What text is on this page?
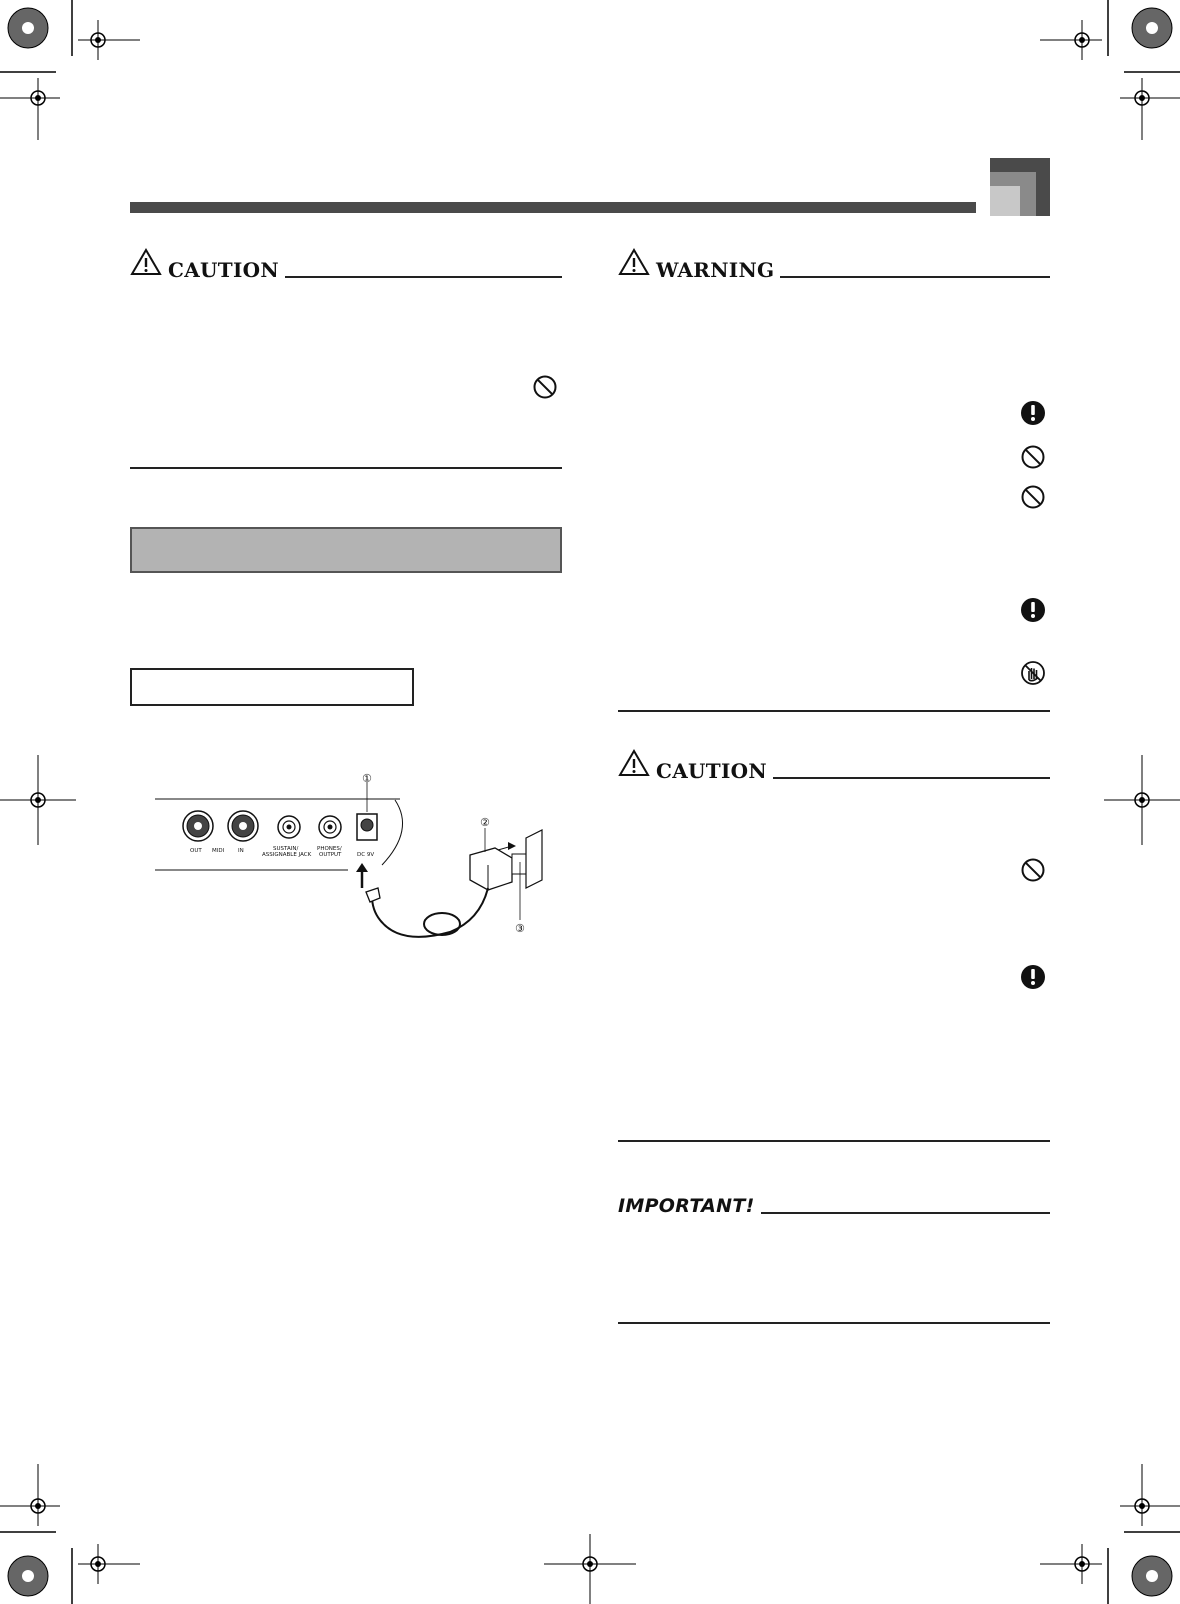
CAUTION
OUT MIDI	IN	SUSTAIN/
ASSIGNABLE JACK
PHONES/
OUTPUT	DC 9V
①
②
③
WARNING
CAUTION
IMPORTANT!
